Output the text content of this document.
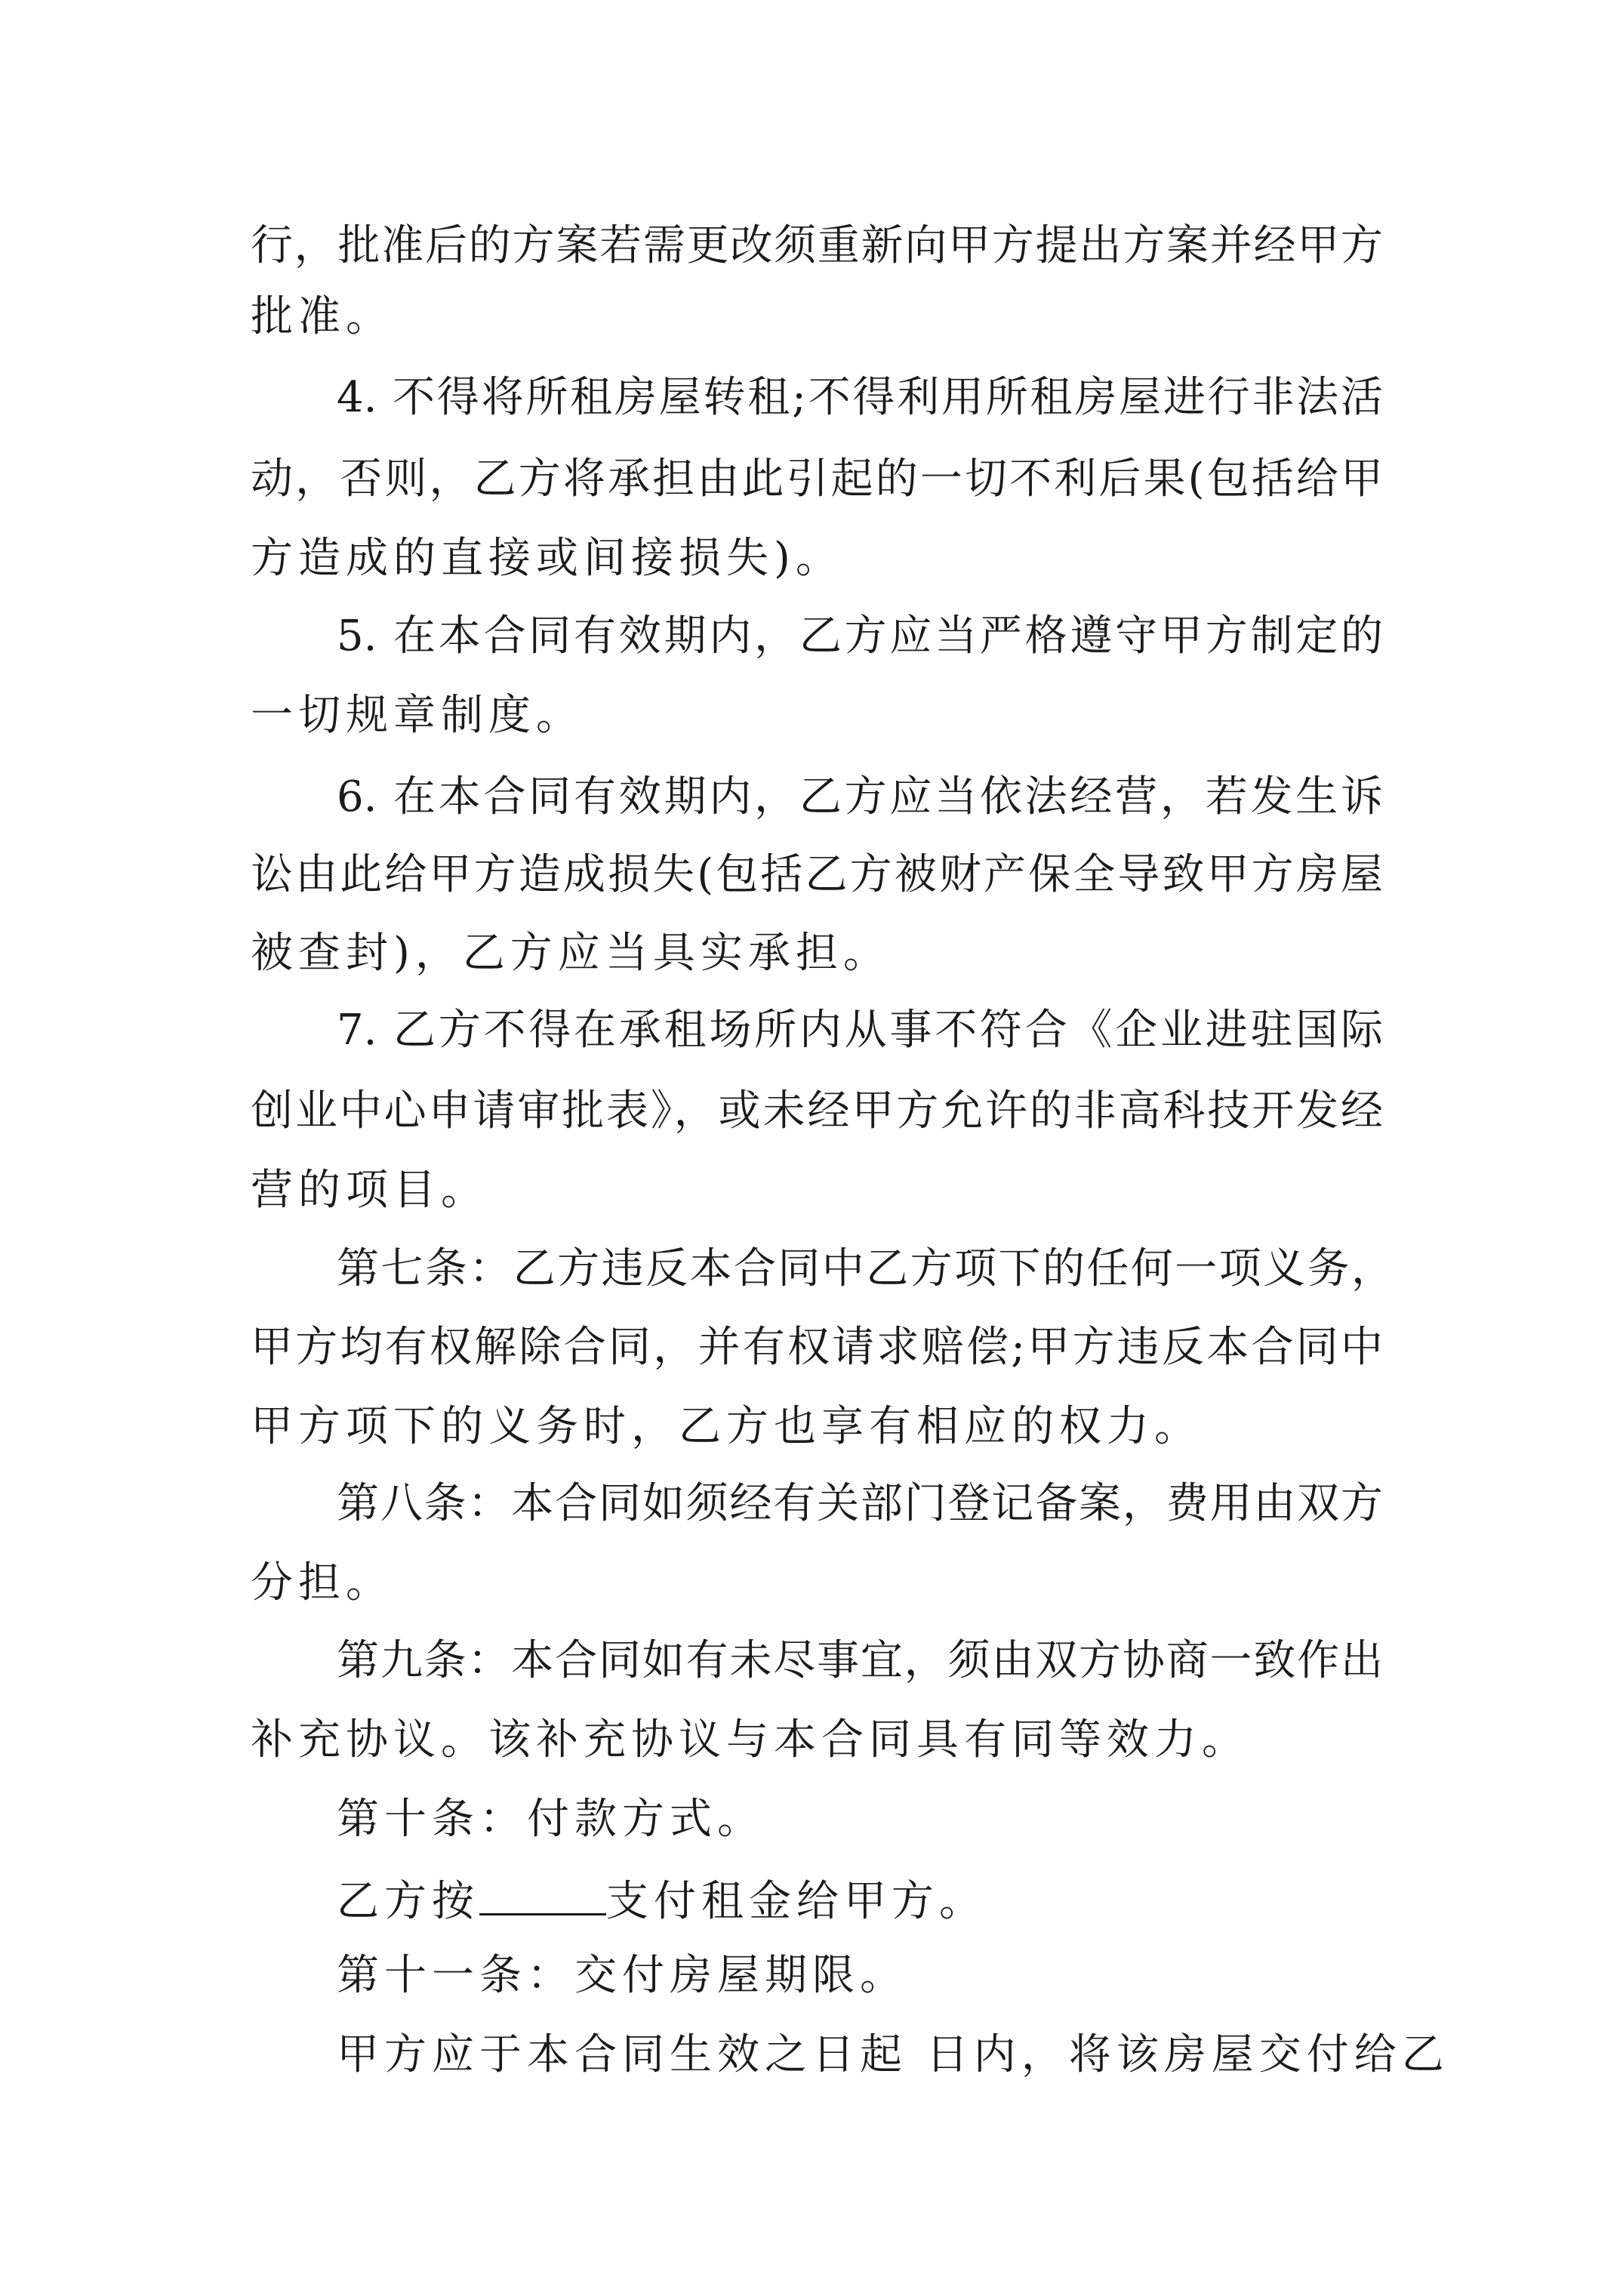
行，批准后的方案若需更改须重新向甲方提出方案并经甲方
批准。
4. 不得将所租房屋转租;不得利用所租房屋进行非法活
动，否则，乙方将承担由此引起的一切不利后果(包括给甲
方造成的直接或间接损失)。
5. 在本合同有效期内，乙方应当严格遵守甲方制定的
一切规章制度。
6. 在本合同有效期内，乙方应当依法经营，若发生诉
讼由此给甲方造成损失(包括乙方被财产保全导致甲方房屋
被查封)，乙方应当具实承担。
7. 乙方不得在承租场所内从事不符合《企业进驻国际
创业中心申请审批表》，或未经甲方允许的非高科技开发经
营的项目。
第七条：乙方违反本合同中乙方项下的任何一项义务，
甲方均有权解除合同，并有权请求赔偿;甲方违反本合同中
甲方项下的义务时，乙方也享有相应的权力。
第八条：本合同如须经有关部门登记备案，费用由双方
分担。
第九条：本合同如有未尽事宜，须由双方协商一致作出
补充协议。该补充协议与本合同具有同等效力。
第十条：付款方式。
乙方按	支付租金给甲方。
第十一条：交付房屋期限。
甲方应于本合同生效之日起 日内，将该房屋交付给乙
